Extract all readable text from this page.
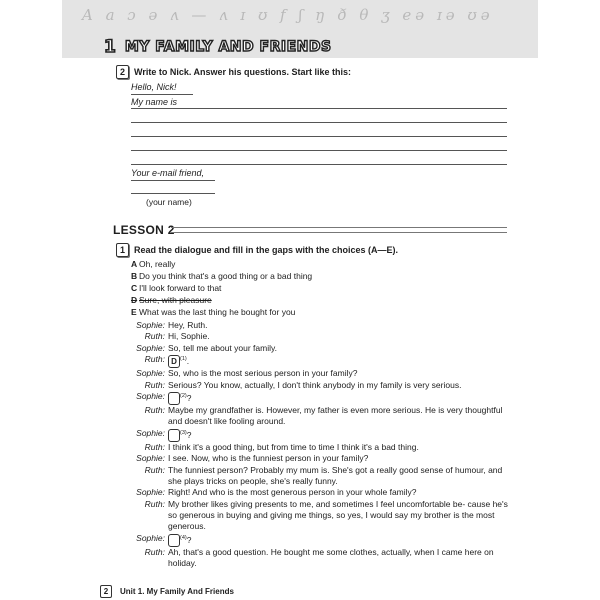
A a ɔ ə ʌ — ʌ ɪ ʊ f ʃ ŋ ð θ ʒ eə ɪə ʊə
1 MY FAMILY AND FRIENDS
2	Write to Nick. Answer his questions. Start like this:
Hello, Nick!
My name is
Your e-mail friend,
(your name)
LESSON 2
1	Read the dialogue and fill in the gaps with the choices (A—E).
A Oh, really
B Do you think that's a good thing or a bad thing
C I'll look forward to that
D Sure, with pleasure
E What was the last thing he bought for you
Sophie: Hey, Ruth.
Ruth: Hi, Sophie.
Sophie: So, tell me about your family.
Ruth: D $^{(1)}$.
Sophie: So, who is the most serious person in your family?
Ruth: Serious? You know, actually, I don't think anybody in my family is very serious.
Sophie:	$^{(2)}$?
Ruth: Maybe my grandfather is. However, my father is even more serious. He is very thoughtful and doesn't like fooling around.
Sophie:	$^{(3)}$?
Ruth: I think it's a good thing, but from time to time I think it's a bad thing.
Sophie: I see. Now, who is the funniest person in your family?
Ruth: The funniest person? Probably my mum is. She's got a really good sense of humour, and she plays tricks on people, she's really funny.
Sophie: Right! And who is the most generous person in your whole family?
Ruth: My brother likes giving presents to me, and sometimes I feel uncomfortable be- cause he's so generous in buying and giving me things, so yes, I would say my brother is the most generous.
Sophie:	$^{(4)}$?
Ruth: Ah, that's a good question. He bought me some clothes, actually, when I came here on holiday.
2	Unit 1. My Family And Friends
